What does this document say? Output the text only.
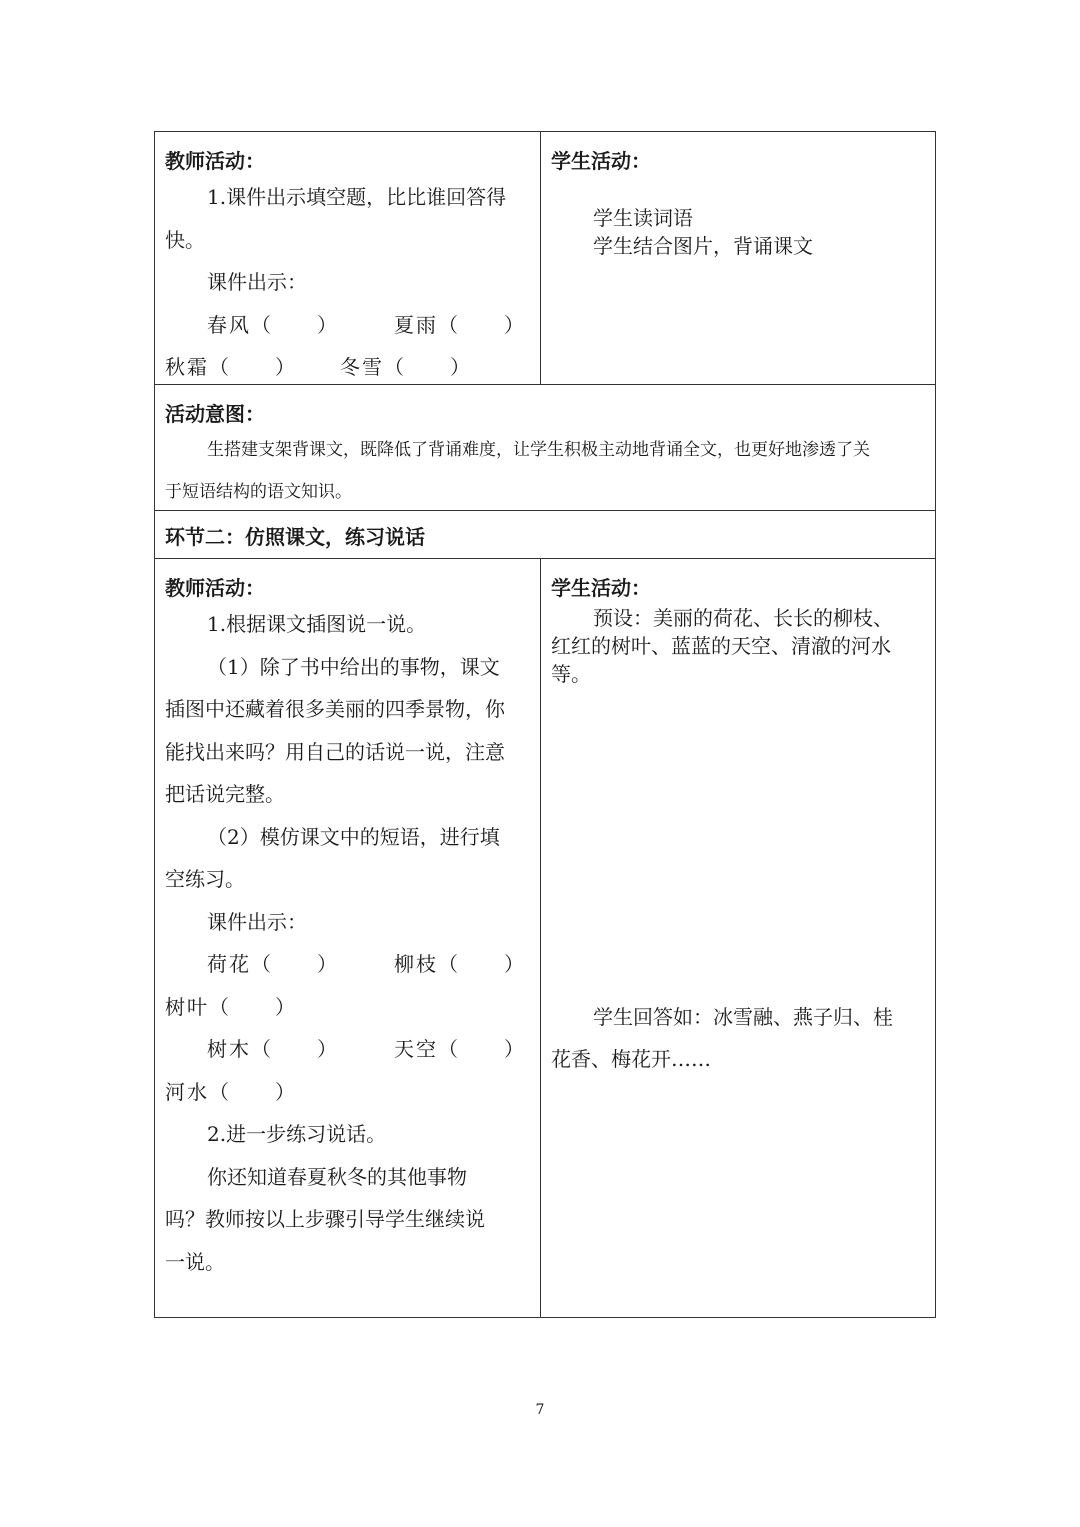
教师活动：
1.课件出示填空题，比比谁回答得
快。
课件出示：
春风（　　）	夏雨（　　）
秋霜（　　） 冬雪（　　）
学生活动：
学生读词语
学生结合图片，背诵课文
活动意图：
生搭建支架背课文，既降低了背诵难度，让学生积极主动地背诵全文，也更好地渗透了关
于短语结构的语文知识。
环节二：仿照课文，练习说话
教师活动：
1.根据课文插图说一说。
（1）除了书中给出的事物，课文
插图中还藏着很多美丽的四季景物，你
能找出来吗？用自己的话说一说，注意
把话说完整。
（2）模仿课文中的短语，进行填
空练习。
课件出示：
荷花（　　）	柳枝（　　）
树叶（　　）
树木（　　）	天空（　　）
河水（　　）
2.进一步练习说话。
你还知道春夏秋冬的其他事物
吗？教师按以上步骤引导学生继续说
一说。
学生活动：
预设：美丽的荷花、长长的柳枝、
红红的树叶、蓝蓝的天空、清澈的河水
等。
学生回答如：冰雪融、燕子归、桂
花香、梅花开……
7
